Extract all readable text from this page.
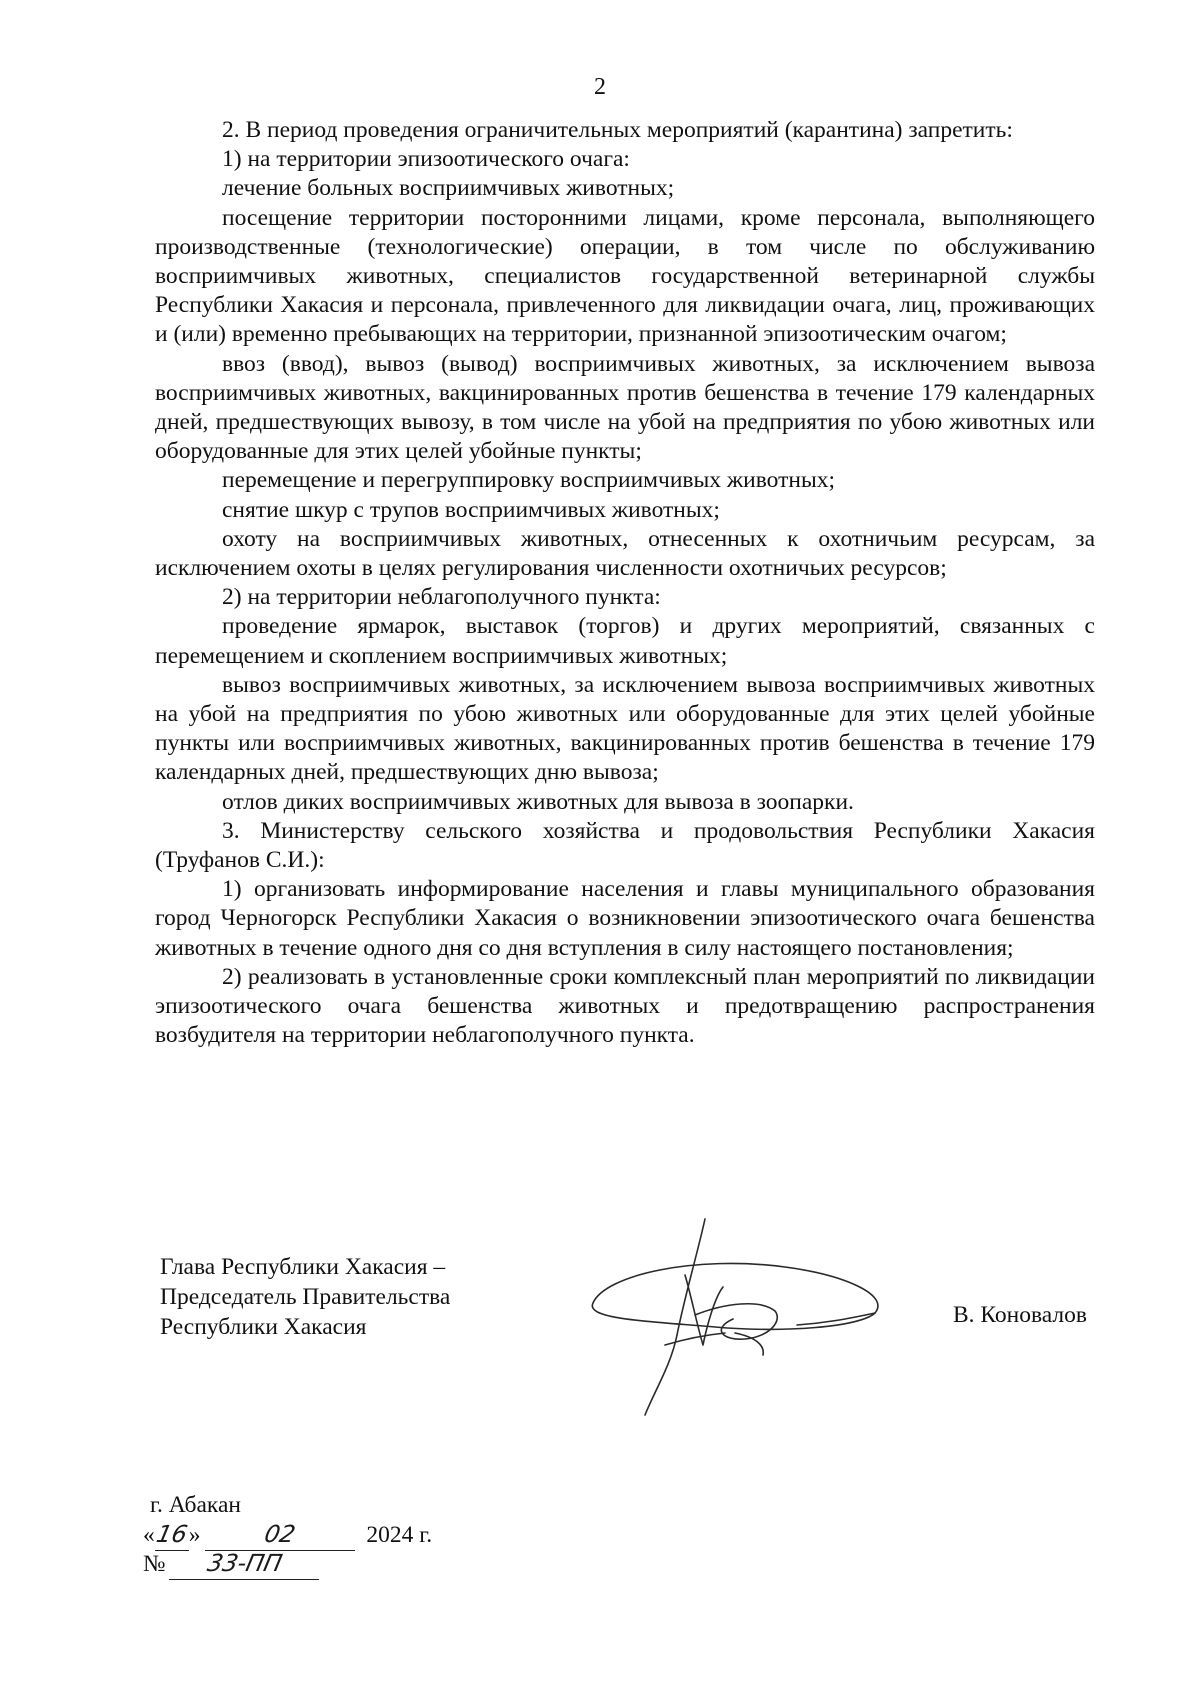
2

2. В период проведения ограничительных мероприятий (карантина) запретить:

1) на территории эпизоотического очага:

лечение больных восприимчивых животных;

посещение территории посторонними лицами, кроме персонала, выполняющего производственные (технологические) операции, в том числе по обслуживанию восприимчивых животных, специалистов государственной ветеринарной службы Республики Хакасия и персонала, привлеченного для ликвидации очага, лиц, проживающих и (или) временно пребывающих на территории, признанной эпизоотическим очагом;

ввоз (ввод), вывоз (вывод) восприимчивых животных, за исключением вывоза восприимчивых животных, вакцинированных против бешенства в течение 179 календарных дней, предшествующих вывозу, в том числе на убой на предприятия по убою животных или оборудованные для этих целей убойные пункты;

перемещение и перегруппировку восприимчивых животных;

снятие шкур с трупов восприимчивых животных;

охоту на восприимчивых животных, отнесенных к охотничьим ресурсам, за исключением охоты в целях регулирования численности охотничьих ресурсов;

2) на территории неблагополучного пункта:

проведение ярмарок, выставок (торгов) и других мероприятий, связанных с перемещением и скоплением восприимчивых животных;

вывоз восприимчивых животных, за исключением вывоза восприимчивых животных на убой на предприятия по убою животных или оборудованные для этих целей убойные пункты или восприимчивых животных, вакцинированных против бешенства в течение 179 календарных дней, предшествующих дню вывоза;

отлов диких восприимчивых животных для вывоза в зоопарки.

3. Министерству сельского хозяйства и продовольствия Республики Хакасия (Труфанов С.И.):

1) организовать информирование населения и главы муниципального образования город Черногорск Республики Хакасия о возникновении эпизоотического очага бешенства животных в течение одного дня со дня вступления в силу настоящего постановления;

2) реализовать в установленные сроки комплексный план мероприятий по ликвидации эпизоотического очага бешенства животных и предотвращению распространения возбудителя на территории неблагополучного пункта.

Глава Республики Хакасия –
Председатель Правительства
Республики Хакасия	В. Коновалов
г. Абакан
«16»	02	2024 г.
№ 33-ПП
